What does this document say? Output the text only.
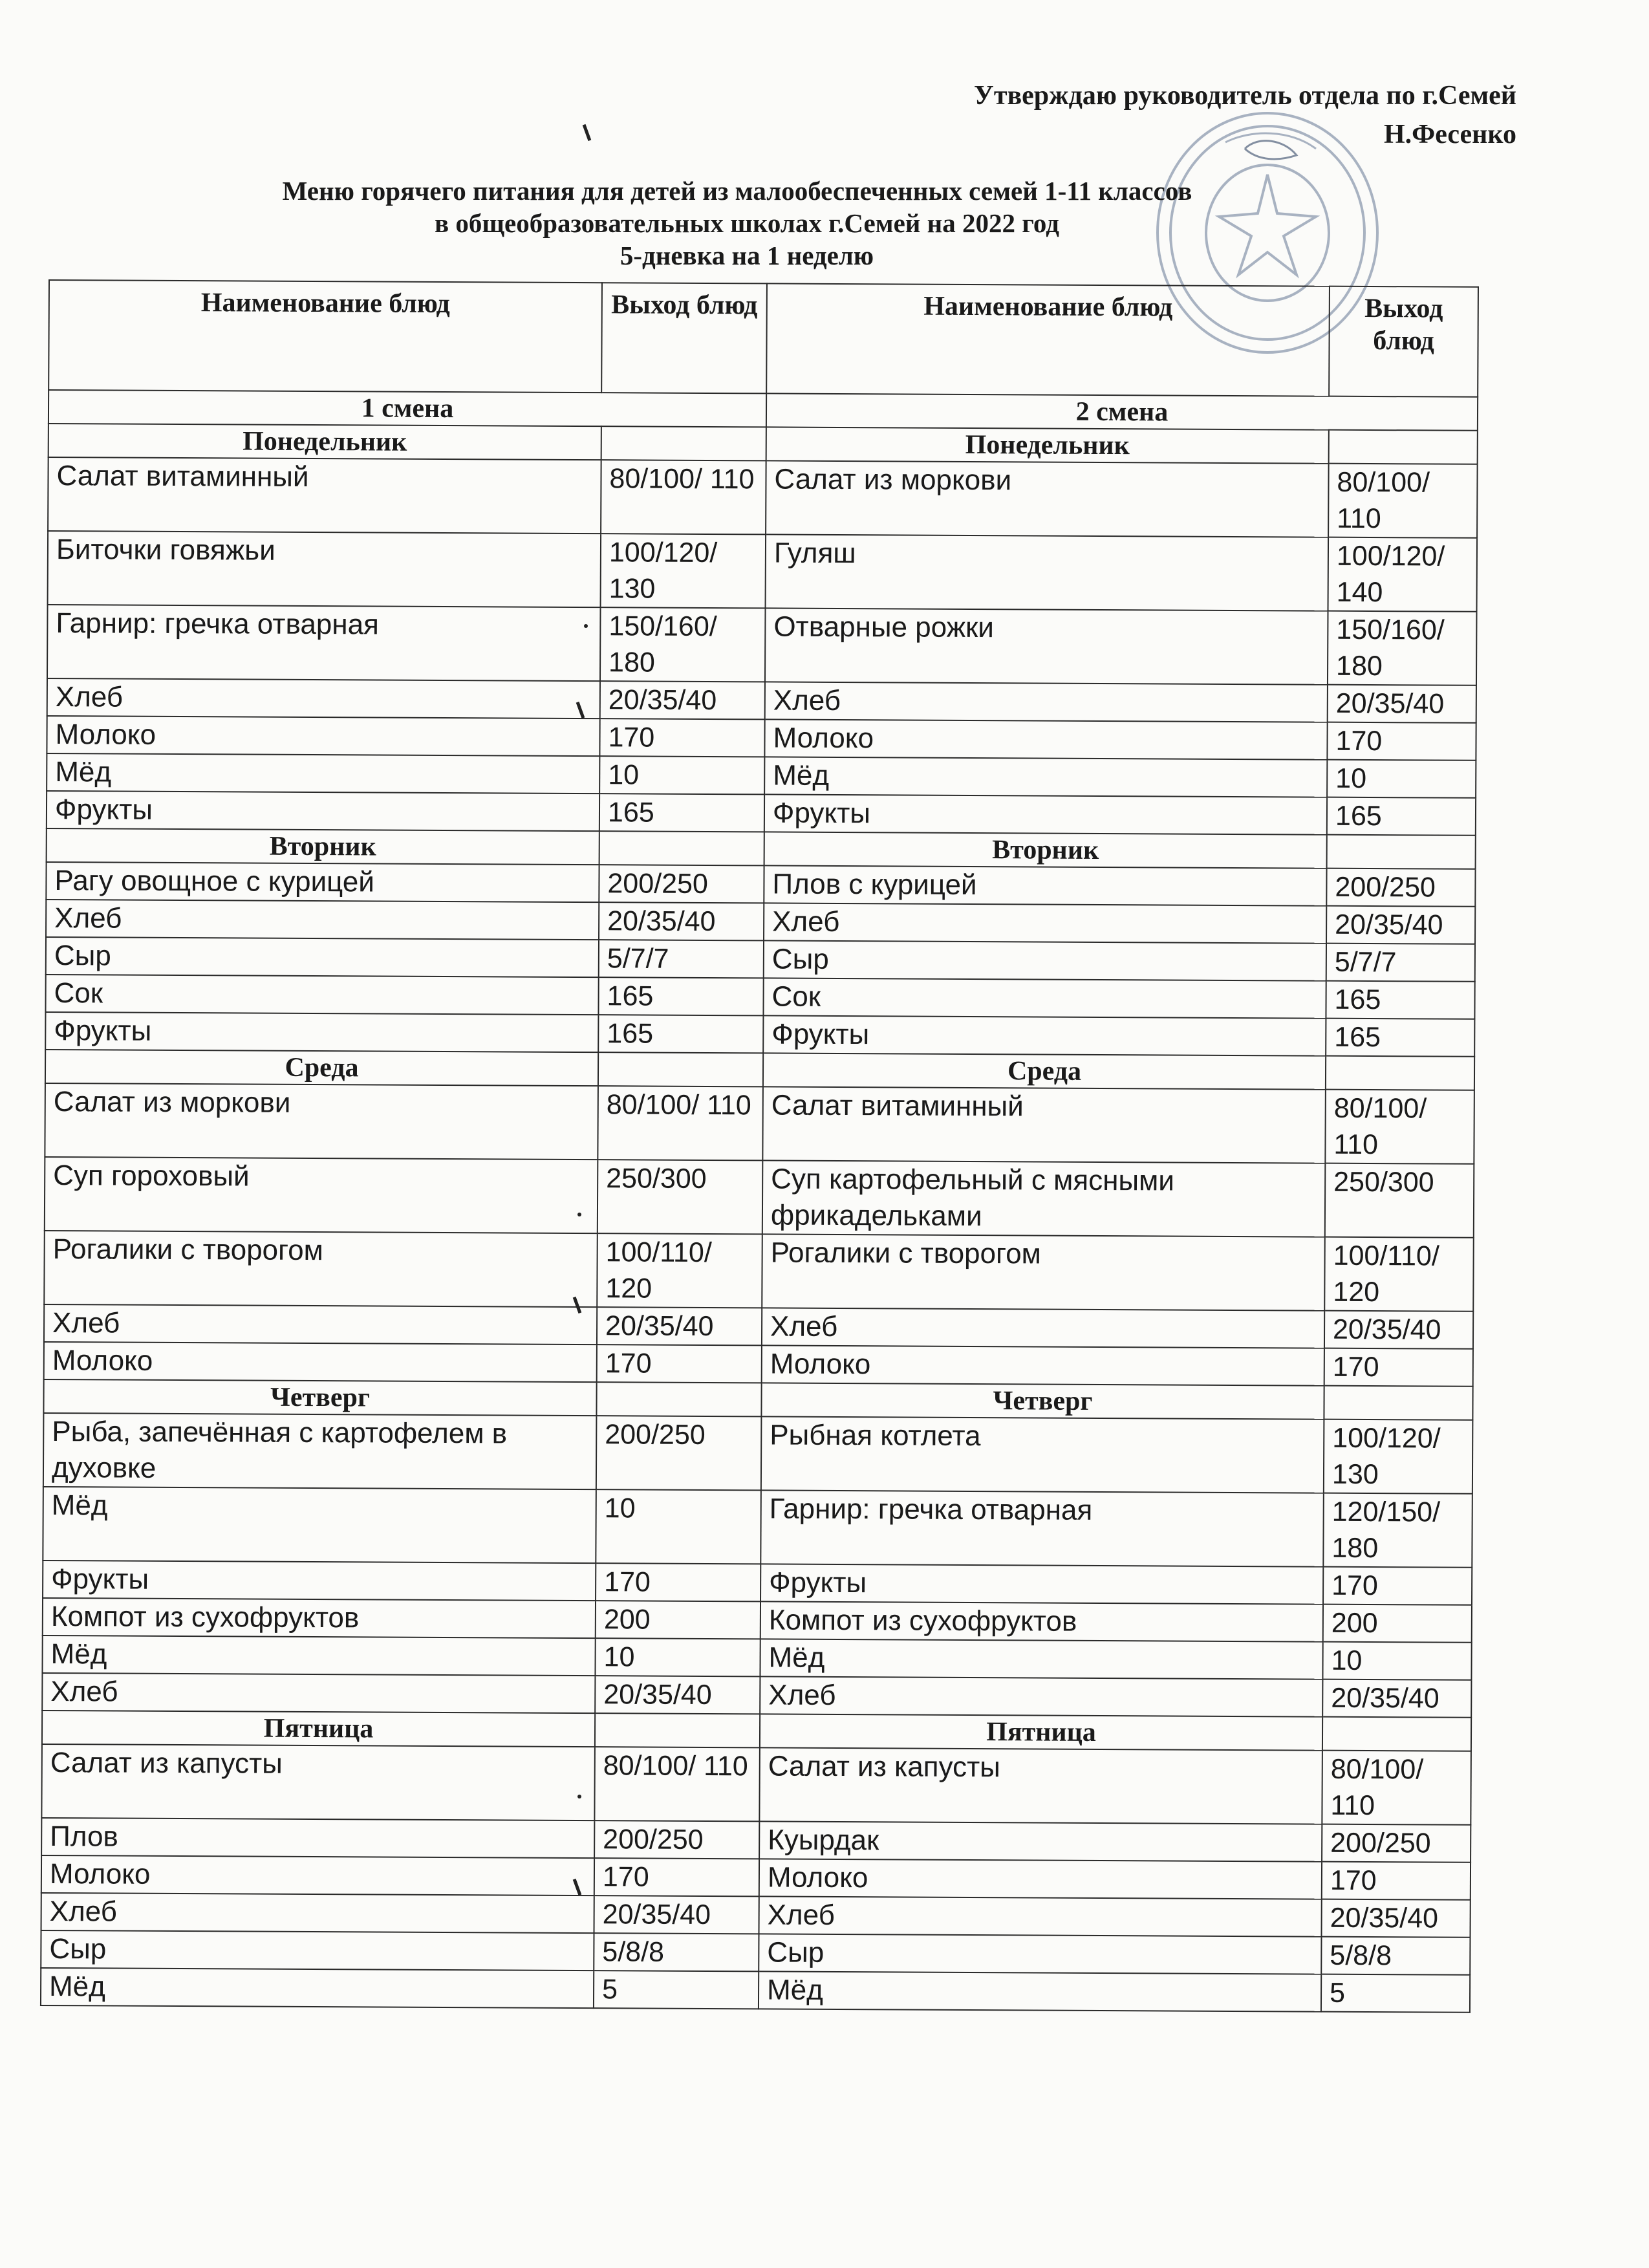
Утверждаю руководитель отдела по г.Семей
Н.Фесенко
Меню горячего питания для детей из малообеспеченных семей 1-11 классов
в общеобразовательных школах г.Семей на 2022 год
5-дневка на 1 неделю
Наименование блюд	Выход блюд	Наименование блюд	Выход блюд
1 смена		2 смена	
Понедельник		Понедельник	
Салат витаминный	80/100/ 110	Салат из моркови	80/100/ 110
Биточки говяжьи	100/120/ 130	Гуляш	100/120/ 140
Гарнир: гречка отварная	150/160/ 180	Отварные рожки	150/160/ 180
Хлеб	20/35/40	Хлеб	20/35/40
Молоко	170	Молоко	170
Мёд	10	Мёд	10
Фрукты	165	Фрукты	165
Вторник		Вторник	
Рагу овощное с курицей	200/250	Плов с курицей	200/250
Хлеб	20/35/40	Хлеб	20/35/40
Сыр	5/7/7	Сыр	5/7/7
Сок	165	Сок	165
Фрукты	165	Фрукты	165
Среда		Среда	
Салат из моркови	80/100/ 110	Салат витаминный	80/100/ 110
Суп гороховый	250/300	Суп картофельный с мясными фрикадельками	250/300
Рогалики с творогом	100/110/ 120	Рогалики с творогом	100/110/ 120
Хлеб	20/35/40	Хлеб	20/35/40
Молоко	170	Молоко	170
Четверг		Четверг	
Рыба, запечённая с картофелем в духовке	200/250	Рыбная котлета	100/120/ 130
Мёд	10	Гарнир: гречка отварная	120/150/ 180
Фрукты	170	Фрукты	170
Компот из сухофруктов	200	Компот из сухофруктов	200
Мёд	10	Мёд	10
Хлеб	20/35/40	Хлеб	20/35/40
Пятница		Пятница	
Салат из капусты	80/100/ 110	Салат из капусты	80/100/ 110
Плов	200/250	Куырдак	200/250
Молоко	170	Молоко	170
Хлеб	20/35/40	Хлеб	20/35/40
Сыр	5/8/8	Сыр	5/8/8
Мёд	5	Мёд	5
